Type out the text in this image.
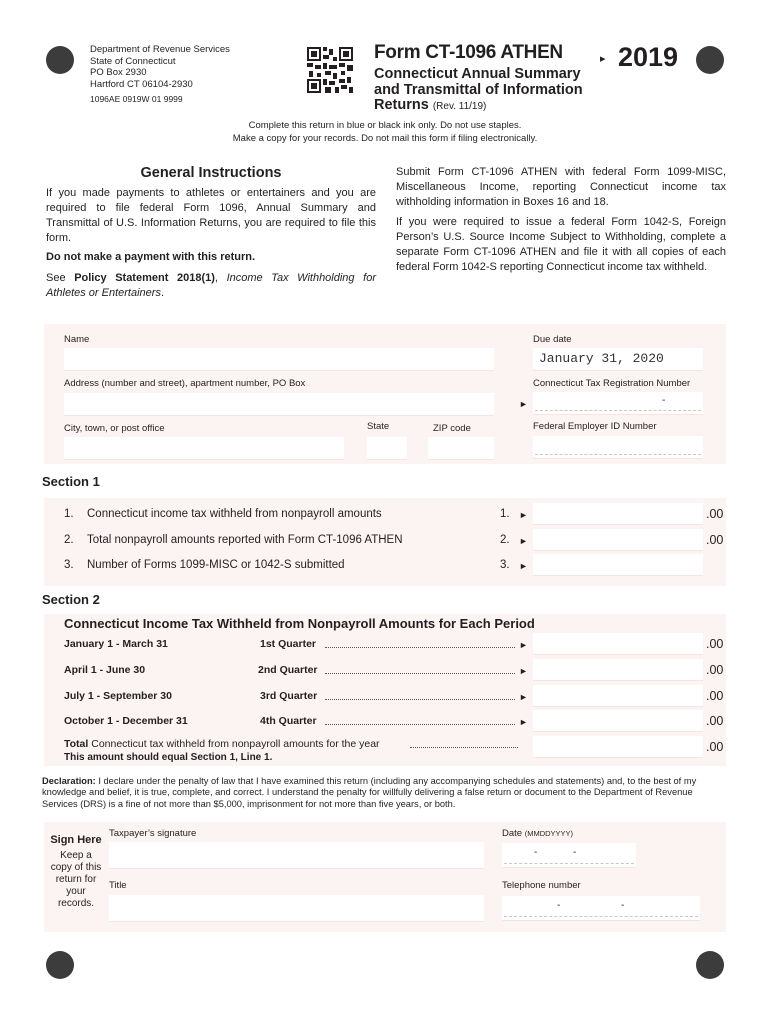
Department of Revenue Services
State of Connecticut
PO Box 2930
Hartford CT 06104-2930
1096AE 0919W 01 9999
Form CT-1096 ATHEN
Connecticut Annual Summary
and Transmittal of Information
Returns (Rev. 11/19)
▸ 2019
Complete this return in blue or black ink only. Do not use staples.
Make a copy for your records. Do not mail this form if filing electronically.
General Instructions
If you made payments to athletes or entertainers and you are required to file federal Form 1096, Annual Summary and Transmittal of U.S. Information Returns, you are required to file this form.
Do not make a payment with this return.
See Policy Statement 2018(1), Income Tax Withholding for Athletes or Entertainers.
Submit Form CT-1096 ATHEN with federal Form 1099-MISC, Miscellaneous Income, reporting Connecticut income tax withholding information in Boxes 16 and 18.
If you were required to issue a federal Form 1042-S, Foreign Person’s U.S. Source Income Subject to Withholding, complete a separate Form CT-1096 ATHEN and file it with all copies of each federal Form 1042-S reporting Connecticut income tax withheld.
Name	Due date
January 31, 2020
Address (number and street), apartment number, PO Box	Connecticut Tax Registration Number
►	-
City, town, or post office	State	ZIP code	Federal Employer ID Number
Section 1
1. Connecticut income tax withheld from nonpayroll amounts	1. ►	.00
2. Total nonpayroll amounts reported with Form CT-1096 ATHEN	2. ►	.00
3. Number of Forms 1099-MISC or 1042-S submitted	3. ►
Section 2
Connecticut Income Tax Withheld from Nonpayroll Amounts for Each Period
January 1 - March 31	1st Quarter	►	.00
April 1 - June 30	2nd Quarter	►	.00
July 1 - September 30	3rd Quarter	►	.00
October 1 - December 31	4th Quarter	►	.00
Total Connecticut tax withheld from nonpayroll amounts for the year
This amount should equal Section 1, Line 1.
.00
Declaration: I declare under the penalty of law that I have examined this return (including any accompanying schedules and statements) and, to the best of my knowledge and belief, it is true, complete, and correct. I understand the penalty for willfully delivering a false return or document to the Department of Revenue Services (DRS) is a fine of not more than $5,000, imprisonment for not more than five years, or both.
Sign Here
Keep a copy of this return for your records.
Taxpayer’s signature	Date (MMDDYYYY)
-	-
Title	Telephone number
-	-
